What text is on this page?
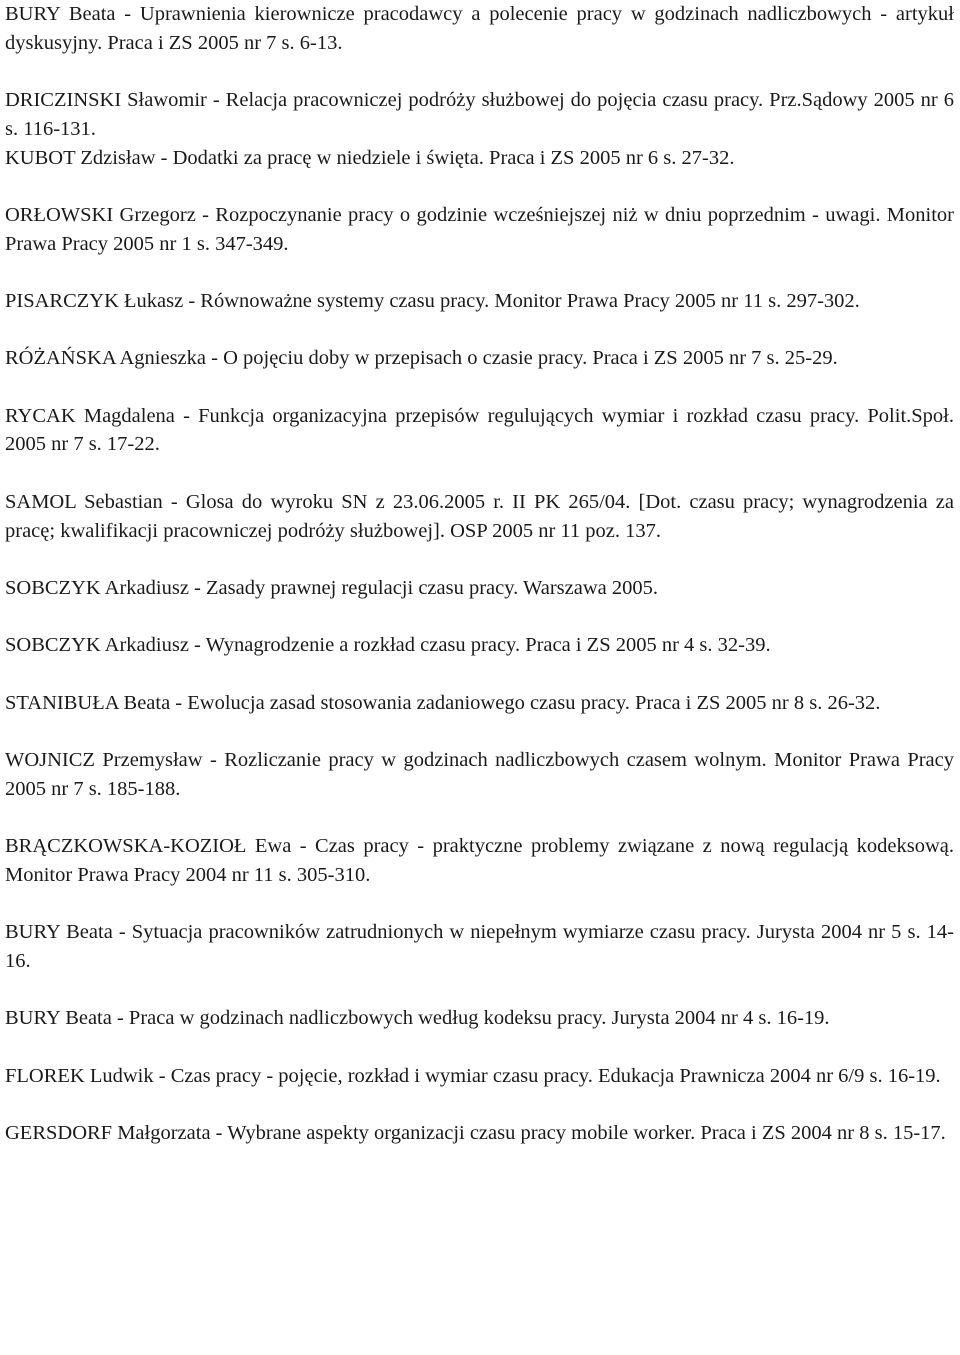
BURY Beata - Uprawnienia kierownicze pracodawcy a polecenie pracy w godzinach nadliczbowych - artykuł dyskusyjny. Praca i ZS 2005 nr 7 s. 6-13.

DRICZINSKI Sławomir - Relacja pracowniczej podróży służbowej do pojęcia czasu pracy. Prz.Sądowy 2005 nr 6 s. 116-131.

KUBOT Zdzisław - Dodatki za pracę w niedziele i święta. Praca i ZS 2005 nr 6 s. 27-32.

ORŁOWSKI Grzegorz - Rozpoczynanie pracy o godzinie wcześniejszej niż w dniu poprzednim - uwagi. Monitor Prawa Pracy 2005 nr 1 s. 347-349.

PISARCZYK Łukasz - Równoważne systemy czasu pracy. Monitor Prawa Pracy 2005 nr 11 s. 297-302.

RÓŻAŃSKA Agnieszka - O pojęciu doby w przepisach o czasie pracy. Praca i ZS 2005 nr 7 s. 25-29.

RYCAK Magdalena - Funkcja organizacyjna przepisów regulujących wymiar i rozkład czasu pracy. Polit.Społ. 2005 nr 7 s. 17-22.

SAMOL Sebastian - Glosa do wyroku SN z 23.06.2005 r. II PK 265/04. [Dot. czasu pracy; wynagrodzenia za pracę; kwalifikacji pracowniczej podróży służbowej]. OSP 2005 nr 11 poz. 137.

SOBCZYK Arkadiusz - Zasady prawnej regulacji czasu pracy. Warszawa 2005.

SOBCZYK Arkadiusz - Wynagrodzenie a rozkład czasu pracy. Praca i ZS 2005 nr 4 s. 32-39.

STANIBUŁA Beata - Ewolucja zasad stosowania zadaniowego czasu pracy. Praca i ZS 2005 nr 8 s. 26-32.

WOJNICZ Przemysław - Rozliczanie pracy w godzinach nadliczbowych czasem wolnym. Monitor Prawa Pracy 2005 nr 7 s. 185-188.

BRĄCZKOWSKA-KOZIOŁ Ewa - Czas pracy - praktyczne problemy związane z nową regulacją kodeksową. Monitor Prawa Pracy 2004 nr 11 s. 305-310.

BURY Beata - Sytuacja pracowników zatrudnionych w niepełnym wymiarze czasu pracy. Jurysta 2004 nr 5 s. 14-16.

BURY Beata - Praca w godzinach nadliczbowych według kodeksu pracy. Jurysta 2004 nr 4 s. 16-19.

FLOREK Ludwik - Czas pracy - pojęcie, rozkład i wymiar czasu pracy. Edukacja Prawnicza 2004 nr 6/9 s. 16-19.

GERSDORF Małgorzata - Wybrane aspekty organizacji czasu pracy mobile worker. Praca i ZS 2004 nr 8 s. 15-17.
